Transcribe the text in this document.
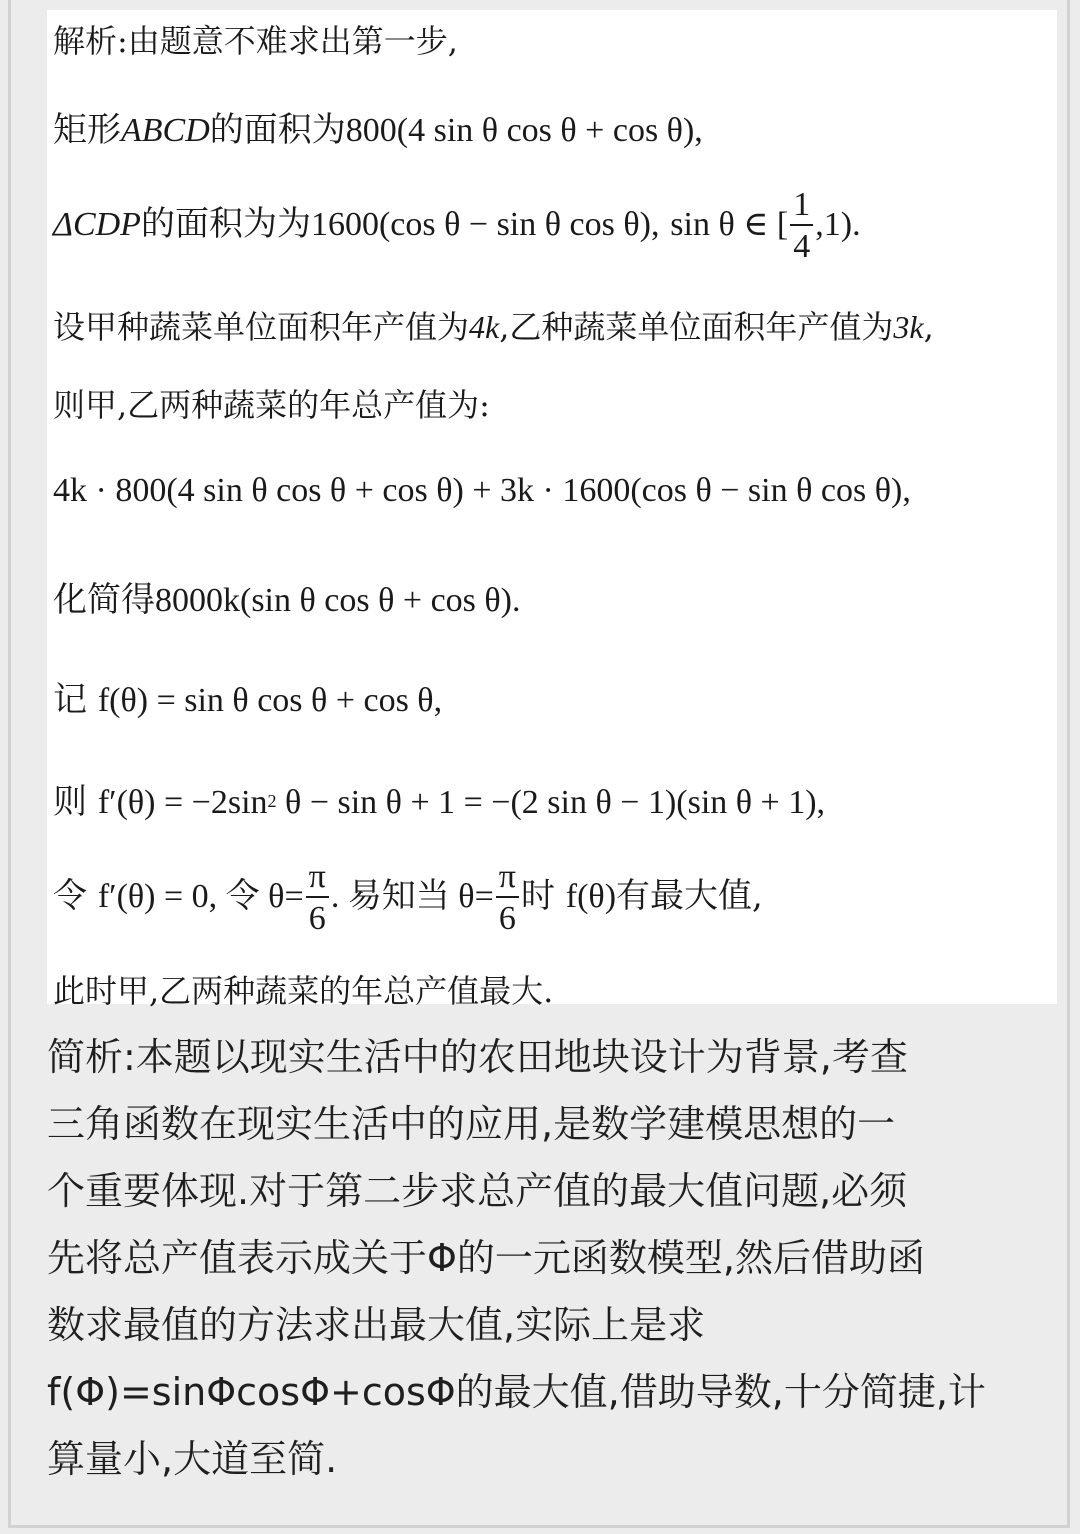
解析:由题意不难求出第一步,
矩形ABCD的面积为800(4 sin θ cos θ + cos θ),
ΔCDP的面积为为1600(cos θ − sin θ cos θ), sin θ ∈ [ $\frac{1}{4} ,1$).
设甲种蔬菜单位面积年产值为4k,乙种蔬菜单位面积年产值为3k,
则甲,乙两种蔬菜的年总产值为:
4k · 800(4 sin θ cos θ + cos θ) + 3k · 1600(cos θ − sin θ cos θ),
化简得8000k(sin θ cos θ + cos θ).
记 f(θ) = sin θ cos θ + cos θ,
则 $f'(\theta) = -2\sin^2$ θ − sin θ + 1 = −(2 sin θ − 1)(sin θ + 1),
令 f′(θ) = 0, 令 $\theta= \frac{\pi}{6}$ . 易知当 $\theta= \frac{\pi}{6}$ 时 f(θ)有最大值,
此时甲,乙两种蔬菜的年总产值最大.
简析:本题以现实生活中的农田地块设计为背景,考查
三角函数在现实生活中的应用,是数学建模思想的一
个重要体现.对于第二步求总产值的最大值问题,必须
先将总产值表示成关于Φ的一元函数模型,然后借助函
数求最值的方法求出最大值,实际上是求
f(Φ)=sinΦcosΦ+cosΦ的最大值,借助导数,十分简捷,计
算量小,大道至简.
